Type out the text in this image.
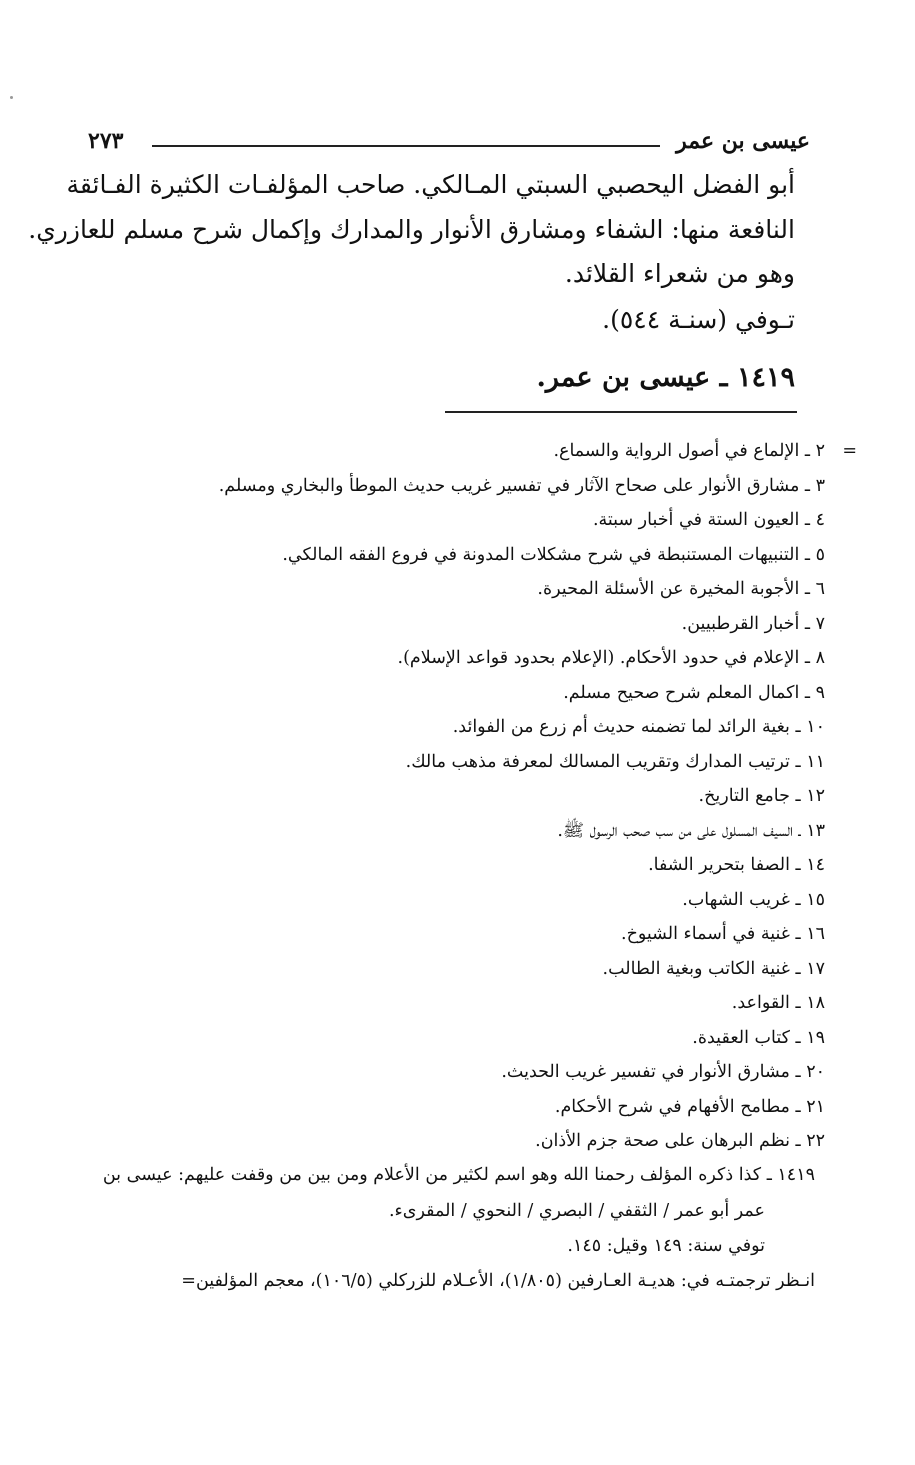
عيسى بن عمر
٢٧٣
أبو الفضل اليحصبي السبتي المـالكي. صاحب المؤلفـات الكثيرة الفـائقة
النافعة منها: الشفاء ومشارق الأنوار والمدارك وإكمال شرح مسلم للعازري.
وهو من شعراء القلائد.
تـوفي (سنـة ٥٤٤).
١٤١٩ ـ عيسى بن عمر.
=
٢ ـ الإلماع في أصول الرواية والسماع.
٣ ـ مشارق الأنوار على صحاح الآثار في تفسير غريب حديث الموطأ والبخاري ومسلم.
٤ ـ العيون الستة في أخبار سبتة.
٥ ـ التنبيهات المستنبطة في شرح مشكلات المدونة في فروع الفقه المالكي.
٦ ـ الأجوبة المخيرة عن الأسئلة المحيرة.
٧ ـ أخبار القرطبيين.
٨ ـ الإعلام في حدود الأحكام. (الإعلام بحدود قواعد الإسلام).
٩ ـ اكمال المعلم شرح صحيح مسلم.
١٠ ـ بغية الرائد لما تضمنه حديث أم زرع من الفوائد.
١١ ـ ترتيب المدارك وتقريب المسالك لمعرفة مذهب مالك.
١٢ ـ جامع التاريخ.
١٣ ـ السيف المسلول على من سب صحب الرسول ﷺ.
١٤ ـ الصفا بتحرير الشفا.
١٥ ـ غريب الشهاب.
١٦ ـ غنية في أسماء الشيوخ.
١٧ ـ غنية الكاتب وبغية الطالب.
١٨ ـ القواعد.
١٩ ـ كتاب العقيدة.
٢٠ ـ مشارق الأنوار في تفسير غريب الحديث.
٢١ ـ مطامح الأفهام في شرح الأحكام.
٢٢ ـ نظم البرهان على صحة جزم الأذان.
١٤١٩ ـ كذا ذكره المؤلف رحمنا الله وهو اسم لكثير من الأعلام ومن بين من وقفت عليهم: عيسى بن
عمر أبو عمر / الثقفي / البصري / النحوي / المقرىء.
توفي سنة: ١٤٩ وقيل: ١٤٥.
انـظر ترجمتـه في: هديـة العـارفين (١/٨٠٥)، الأعـلام للزركلي (١٠٦/٥)، معجم المؤلفين=
